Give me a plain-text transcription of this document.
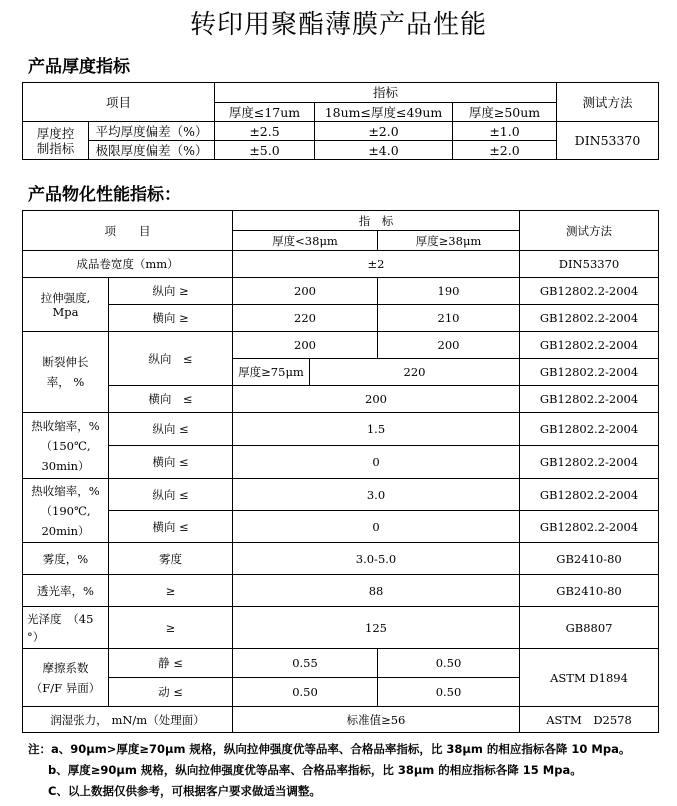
转印用聚酯薄膜产品性能
产品厚度指标
项目		指标			测试方法
		厚度≤17um	18um≤厚度≤49um	厚度≥50um	

厚度控
制指标	平均厚度偏差（%）	±2.5	±2.0	±1.0	DIN53370
	极限厚度偏差（%）	±5.0	±4.0	±2.0	
产品物化性能指标：
项　　目		指　标			测试方法
		厚度<38μm		厚度≥38μm	
成品卷宽度（mm）		±2			DIN53370

拉伸强度,
Mpa	纵向 ≥	200		190	GB12802.2-2004
	横向 ≥	220		210	GB12802.2-2004

断裂伸长
率， %	纵向　≤	200		200	GB12802.2-2004
		厚度≥75μm	220		GB12802.2-2004
	横向　≤	200			GB12802.2-2004

热收缩率，%
（150℃,
30min）	纵向 ≤	1.5			GB12802.2-2004
	横向 ≤	0			GB12802.2-2004

热收缩率，%
（190℃,
20min）	纵向 ≤	3.0			GB12802.2-2004
	横向 ≤	0			GB12802.2-2004
雾度，%	雾度	3.0-5.0			GB2410-80
透光率，%	≥	88			GB2410-80

光泽度　（45
°）	≥	125			GB8807

摩擦系数
（F/F 异面）	静 ≤	0.55		0.50	ASTM D1894
	动 ≤	0.50		0.50	
润湿张力， mN/m（处理面）		标准值≥56			ASTM　D2578
注：a、90μm>厚度≥70μm 规格，纵向拉伸强度优等品率、合格品率指标，比 38μm 的相应指标各降 10 Mpa。
b、厚度≥90μm 规格，纵向拉伸强度优等品率、合格品率指标，比 38μm 的相应指标各降 15 Mpa。
C、以上数据仅供参考，可根据客户要求做适当调整。
